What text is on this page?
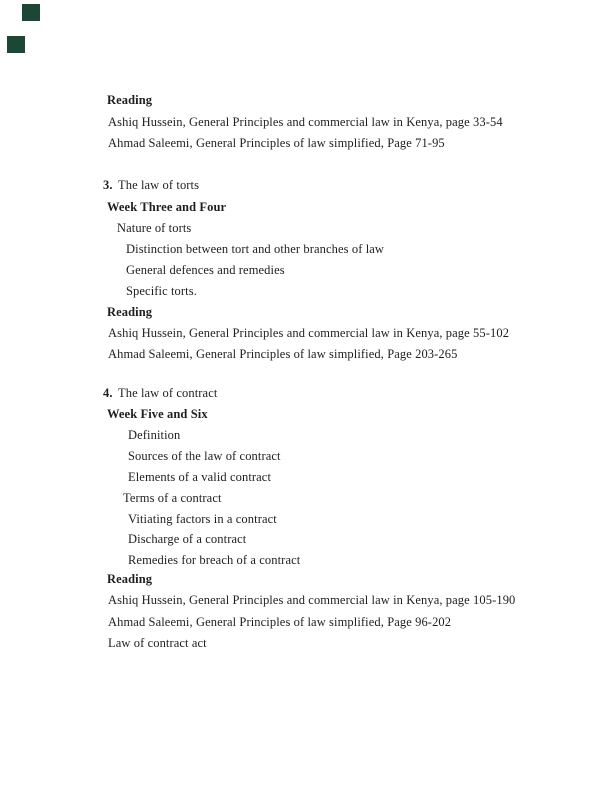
Reading
Ashiq Hussein, General Principles and commercial law in Kenya, page 33-54
Ahmad Saleemi, General Principles of law simplified, Page 71-95
3. The law of torts
Week Three and Four
Nature of torts
Distinction between tort and other branches of law
General defences and remedies
Specific torts.
Reading
Ashiq Hussein, General Principles and commercial law in Kenya, page 55-102
Ahmad Saleemi, General Principles of law simplified, Page 203-265
4. The law of contract
Week Five and Six
Definition
Sources of the law of contract
Elements of a valid contract
Terms of a contract
Vitiating factors in a contract
Discharge of a contract
Remedies for breach of a contract
Reading
Ashiq Hussein, General Principles and commercial law in Kenya, page 105-190
Ahmad Saleemi, General Principles of law simplified, Page 96-202
Law of contract act
